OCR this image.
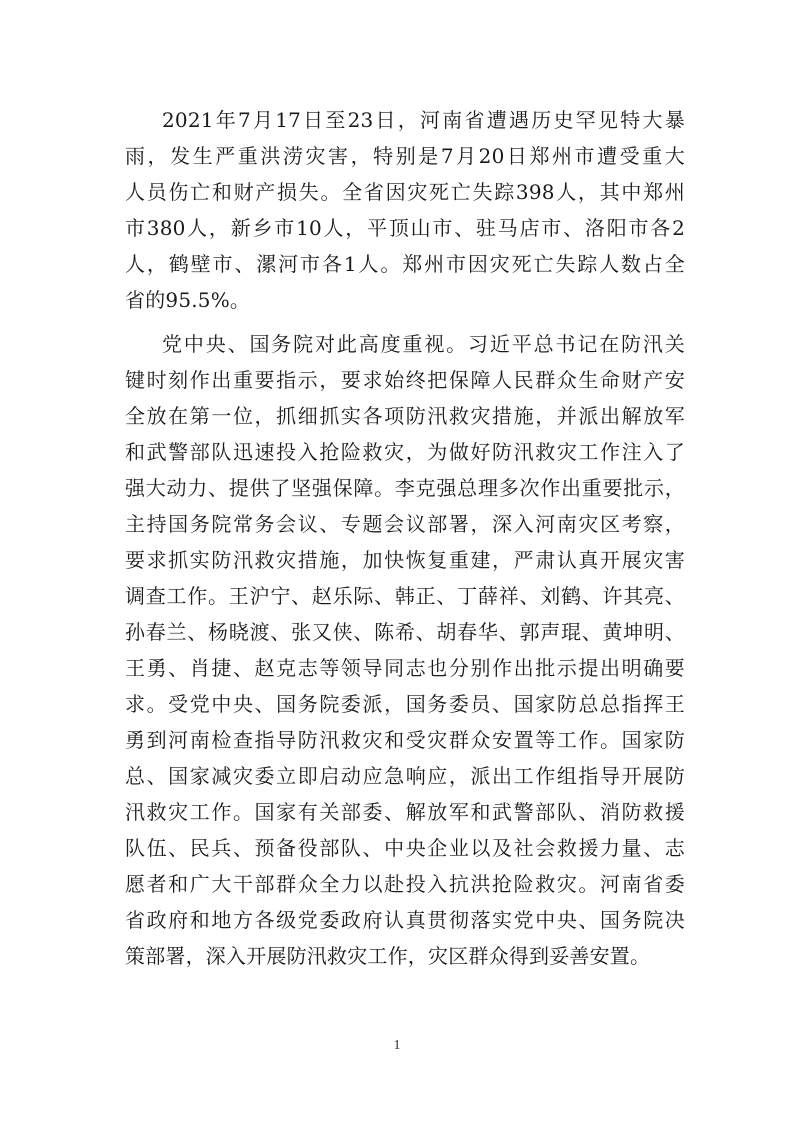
2021年7月17日至23日，河南省遭遇历史罕见特大暴
雨，发生严重洪涝灾害，特别是7月20日郑州市遭受重大
人员伤亡和财产损失。全省因灾死亡失踪398人，其中郑州
市380人，新乡市10人，平顶山市、驻马店市、洛阳市各2
人，鹤壁市、漯河市各1人。郑州市因灾死亡失踪人数占全
省的95.5%。
党中央、国务院对此高度重视。习近平总书记在防汛关
键时刻作出重要指示，要求始终把保障人民群众生命财产安
全放在第一位，抓细抓实各项防汛救灾措施，并派出解放军
和武警部队迅速投入抢险救灾，为做好防汛救灾工作注入了
强大动力、提供了坚强保障。李克强总理多次作出重要批示，
主持国务院常务会议、专题会议部署，深入河南灾区考察，
要求抓实防汛救灾措施，加快恢复重建，严肃认真开展灾害
调查工作。王沪宁、赵乐际、韩正、丁薛祥、刘鹤、许其亮、
孙春兰、杨晓渡、张又侠、陈希、胡春华、郭声琨、黄坤明、
王勇、肖捷、赵克志等领导同志也分别作出批示提出明确要
求。受党中央、国务院委派，国务委员、国家防总总指挥王
勇到河南检查指导防汛救灾和受灾群众安置等工作。国家防
总、国家减灾委立即启动应急响应，派出工作组指导开展防
汛救灾工作。国家有关部委、解放军和武警部队、消防救援
队伍、民兵、预备役部队、中央企业以及社会救援力量、志
愿者和广大干部群众全力以赴投入抗洪抢险救灾。河南省委
省政府和地方各级党委政府认真贯彻落实党中央、国务院决
策部署，深入开展防汛救灾工作，灾区群众得到妥善安置。
1
